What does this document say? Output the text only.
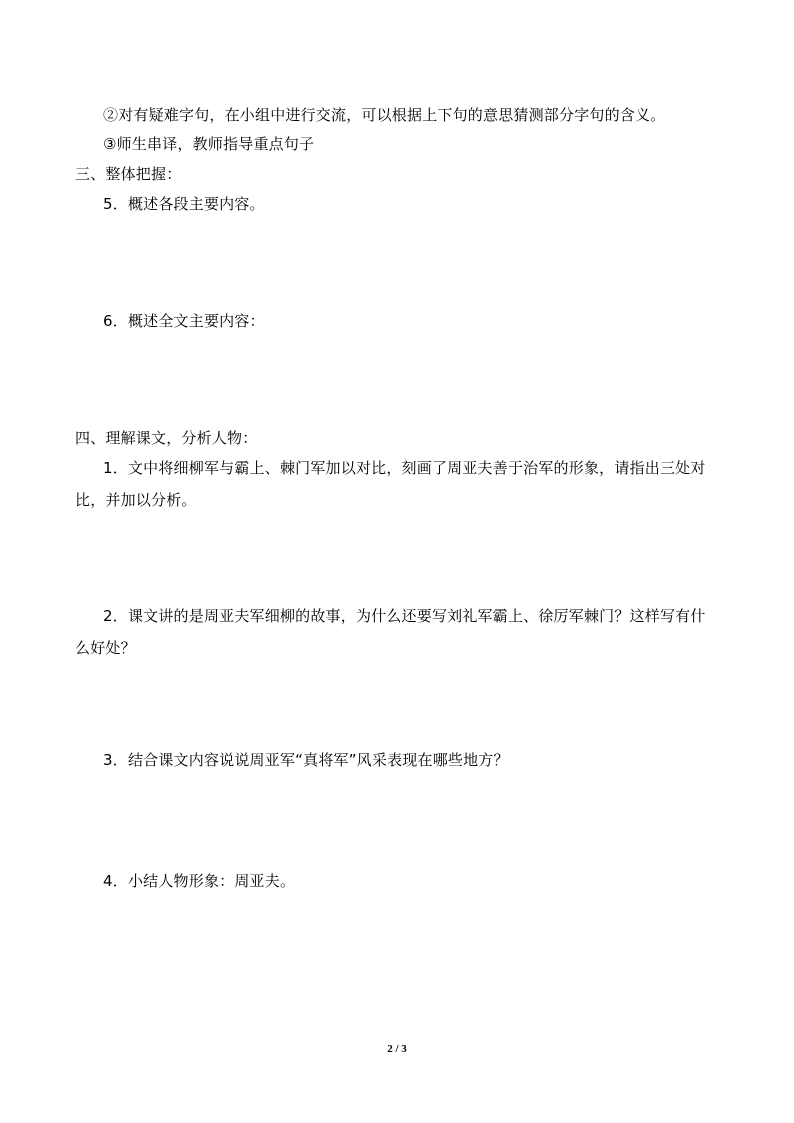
②对有疑难字句，在小组中进行交流，可以根据上下句的意思猜测部分字句的含义。
③师生串译，教师指导重点句子
三、整体把握：
5．概述各段主要内容。
6．概述全文主要内容：
四、理解课文，分析人物：
1．文中将细柳军与霸上、棘门军加以对比，刻画了周亚夫善于治军的形象，请指出三处对比，并加以分析。
2．课文讲的是周亚夫军细柳的故事，为什么还要写刘礼军霸上、徐厉军棘门？这样写有什么好处？
3．结合课文内容说说周亚军“真将军”风采表现在哪些地方？
4．小结人物形象：周亚夫。
2 / 3
